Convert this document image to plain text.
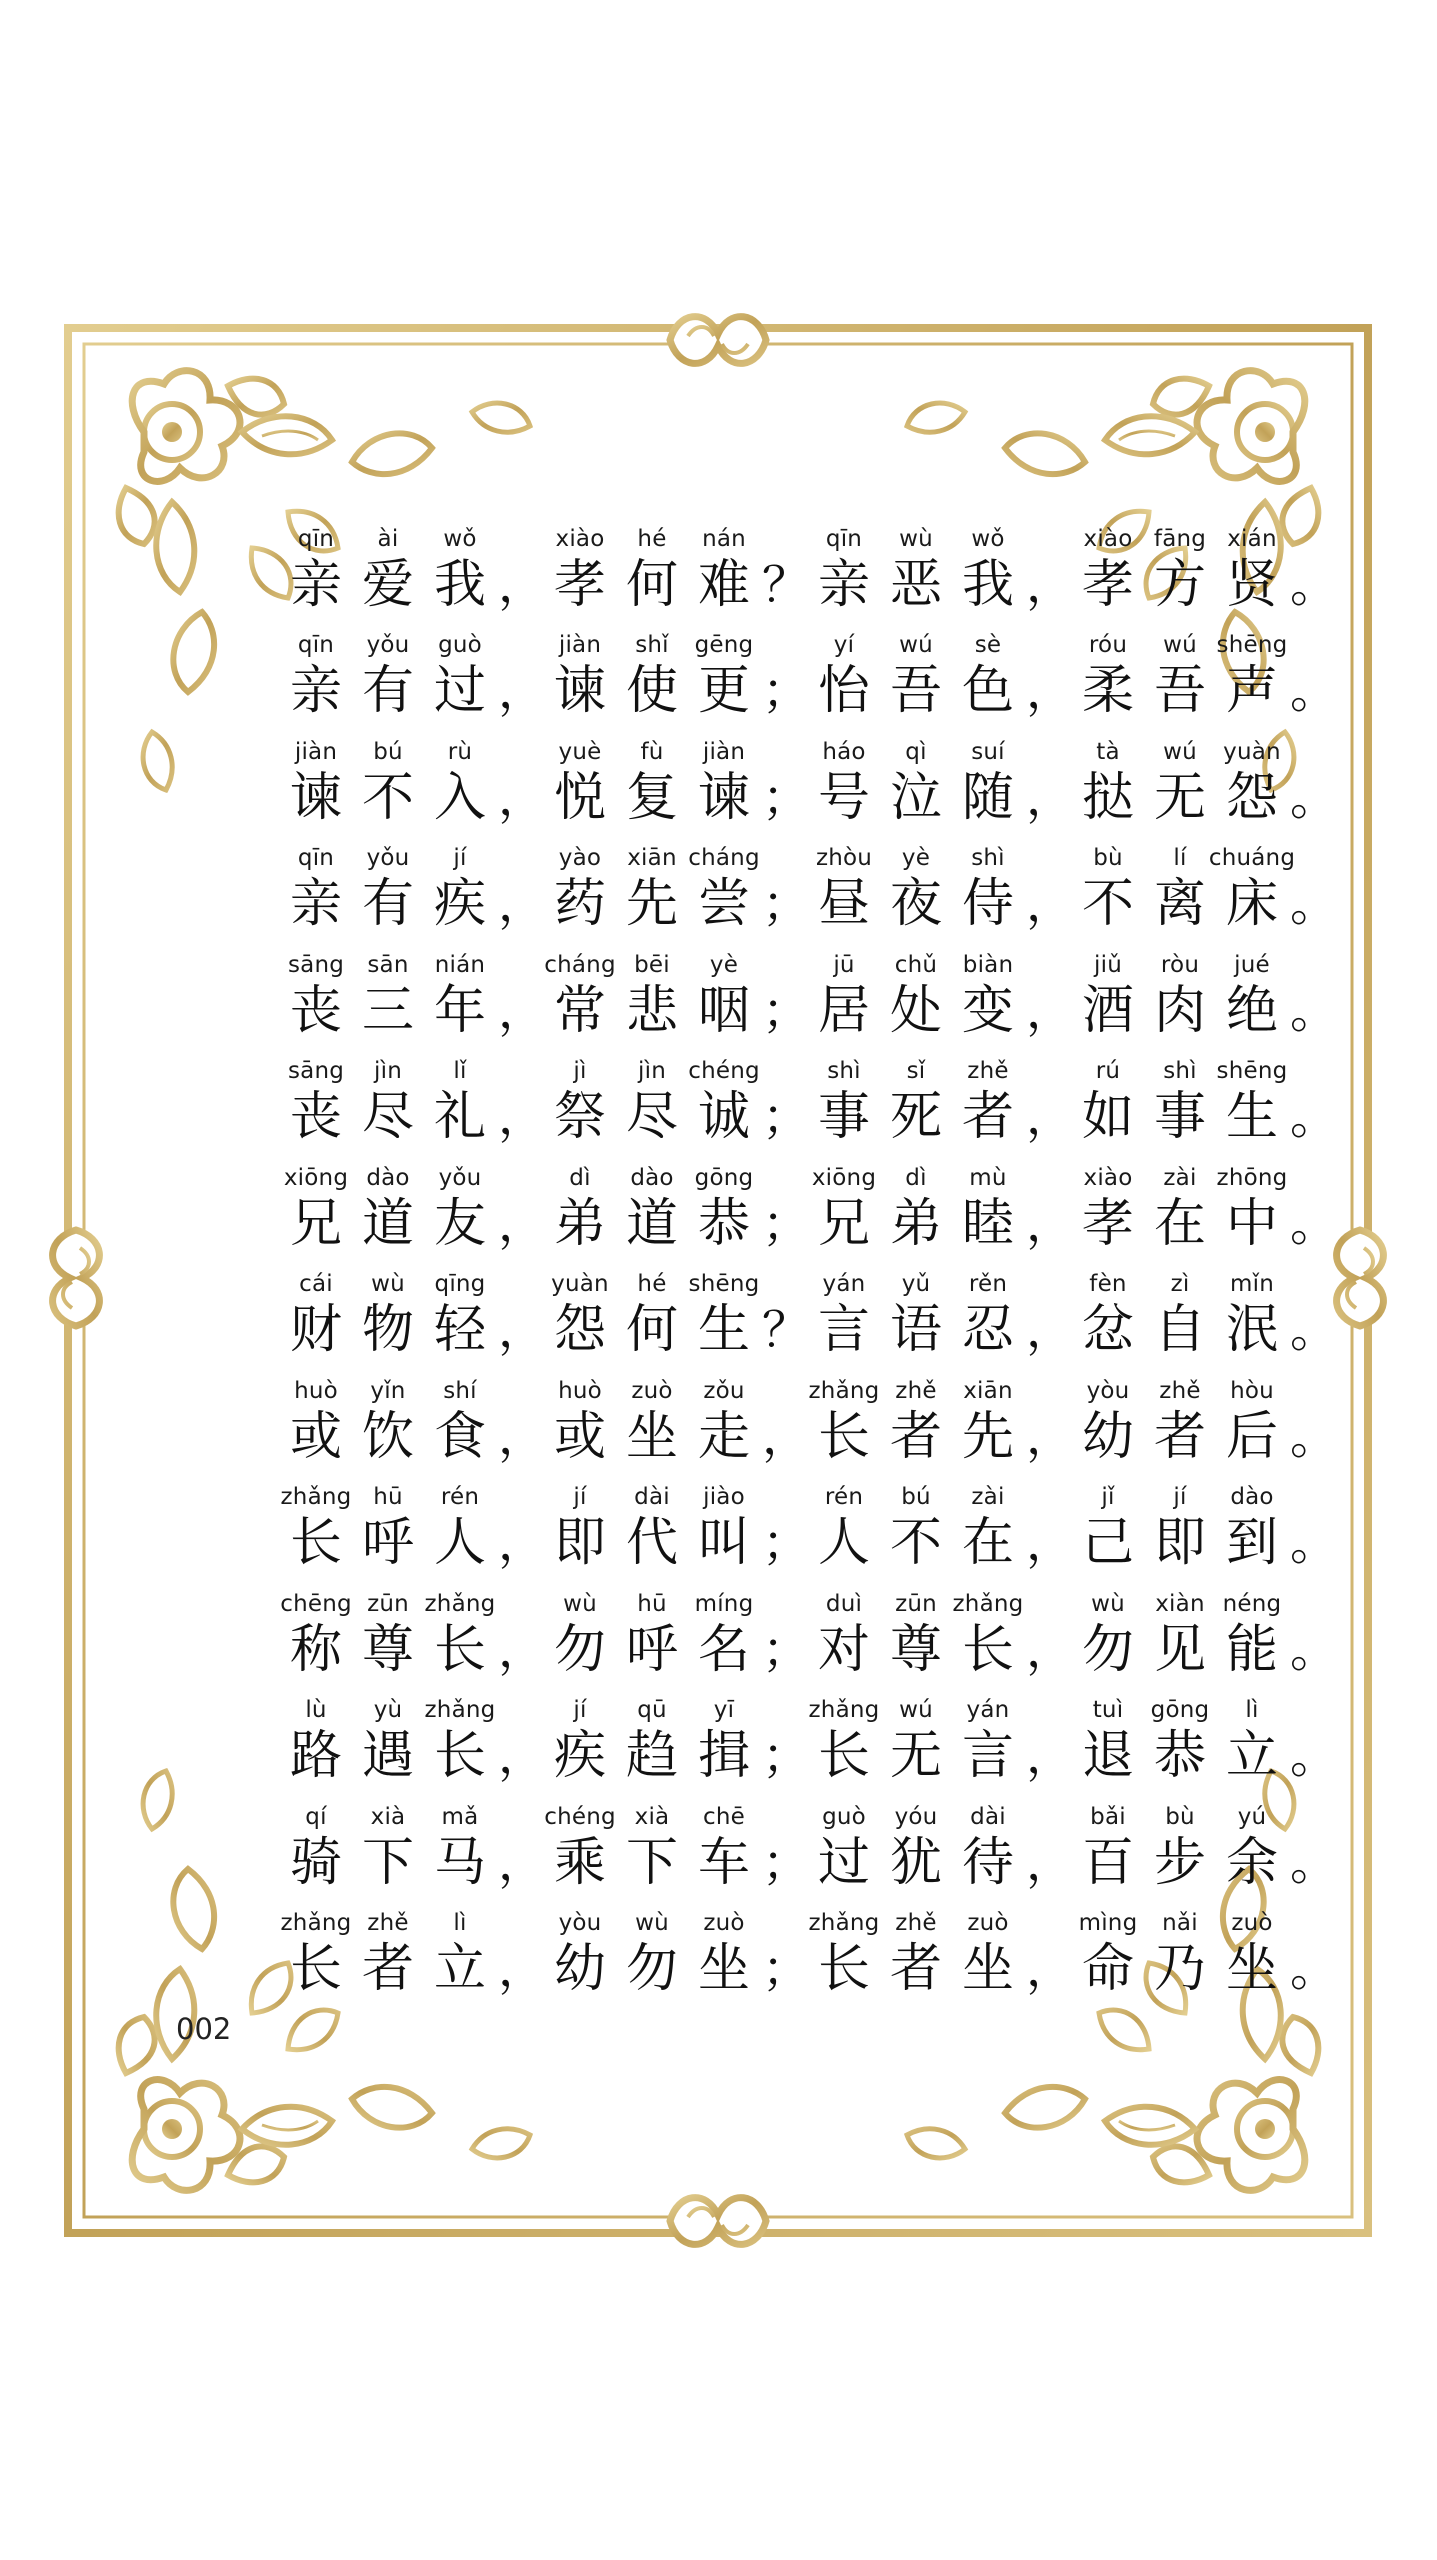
qīn
亲
ài
爱
wǒ
我 ，
xiào
孝
hé
何
nán
难 ？
qīn
亲
wù
恶
wǒ
我 ，
xiào
孝
fāng
方
xián
贤 。
qīn
亲
yǒu
有
guò
过 ，
jiàn
谏
shǐ
使
gēng
更 ；
yí
怡
wú
吾
sè
色 ，
róu
柔
wú
吾
shēng
声 。
jiàn
谏
bú
不
rù
入 ，
yuè
悦
fù
复
jiàn
谏 ；
háo
号
qì
泣
suí
随 ，
tà
挞
wú
无
yuàn
怨 。
qīn
亲
yǒu
有
jí
疾 ，
yào
药
xiān
先
cháng
尝 ；
zhòu
昼
yè
夜
shì
侍 ，
bù
不
lí
离
chuáng
床 。
sāng
丧
sān
三
nián
年 ，
cháng
常
bēi
悲
yè
咽 ；
jū
居
chǔ
处
biàn
变 ，
jiǔ
酒
ròu
肉
jué
绝 。
sāng
丧
jìn
尽
lǐ
礼 ，
jì
祭
jìn
尽
chéng
诚 ；
shì
事
sǐ
死
zhě
者 ，
rú
如
shì
事
shēng
生 。
xiōng
兄
dào
道
yǒu
友 ，
dì
弟
dào
道
gōng
恭 ；
xiōng
兄
dì
弟
mù
睦 ，
xiào
孝
zài
在
zhōng
中 。
cái
财
wù
物
qīng
轻 ，
yuàn
怨
hé
何
shēng
生 ？
yán
言
yǔ
语
rěn
忍 ，
fèn
忿
zì
自
mǐn
泯 。
huò
或
yǐn
饮
shí
食 ，
huò
或
zuò
坐
zǒu
走 ，
zhǎng
长
zhě
者
xiān
先 ，
yòu
幼
zhě
者
hòu
后 。
zhǎng
长
hū
呼
rén
人 ，
jí
即
dài
代
jiào
叫 ；
rén
人
bú
不
zài
在 ，
jǐ
己
jí
即
dào
到 。
chēng
称
zūn
尊
zhǎng
长 ，
wù
勿
hū
呼
míng
名 ；
duì
对
zūn
尊
zhǎng
长 ，
wù
勿
xiàn
见
néng
能 。
lù
路
yù
遇
zhǎng
长 ，
jí
疾
qū
趋
yī
揖 ；
zhǎng
长
wú
无
yán
言 ，
tuì
退
gōng
恭
lì
立 。
qí
骑
xià
下
mǎ
马 ，
chéng
乘
xià
下
chē
车 ；
guò
过
yóu
犹
dài
待 ，
bǎi
百
bù
步
yú
余 。
zhǎng
长
zhě
者
lì
立 ，
yòu
幼
wù
勿
zuò
坐 ；
zhǎng
长
zhě
者
zuò
坐 ，
mìng
命
nǎi
乃
zuò
坐 。
002
